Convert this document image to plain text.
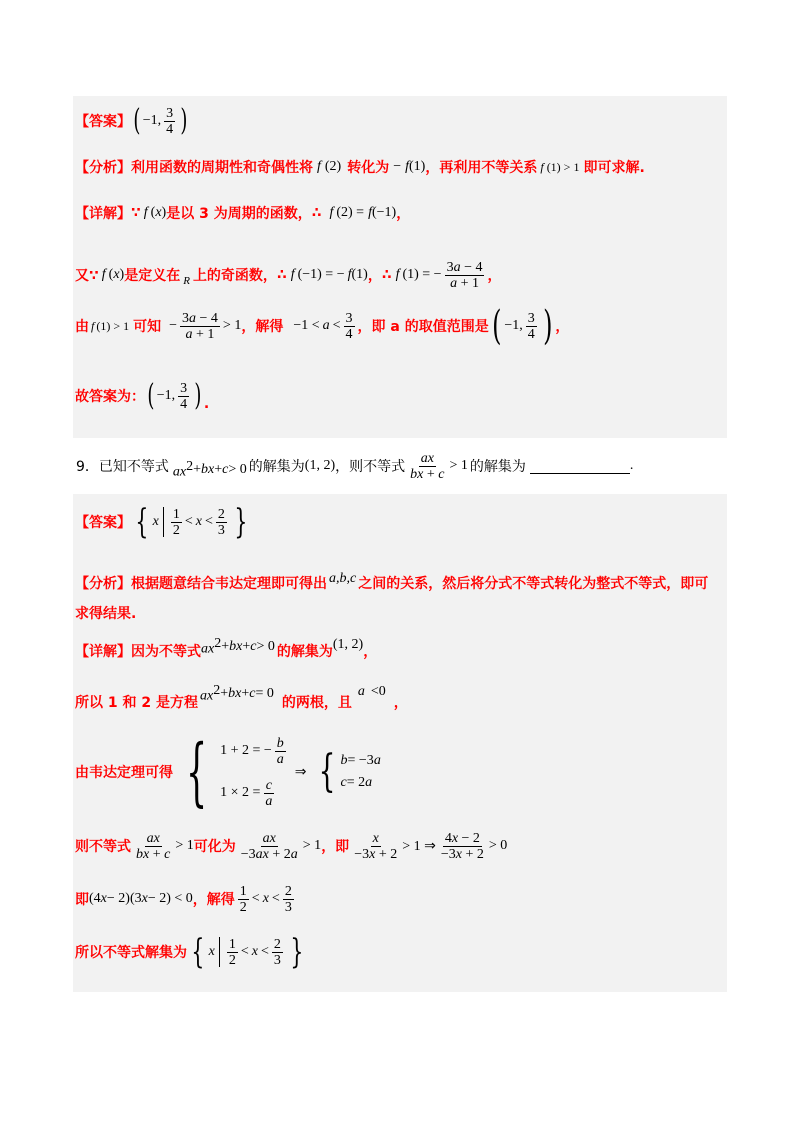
【答案】 ( −1, $\frac{3}{4}$ )
【分析】 利用函数的周期性和奇偶性将 f (2) 转化为 − f (1) ，再利用不等关系 f (1) > 1 即可求解.
【详解】 ∵ f ( x ) 是以 3 为周期的函数， ∴ f (2) = f (−1) ，
又∵ f ( x ) 是定义在 R 上的奇函数， ∴ f (−1) = − f (1) ， ∴ f (1) = − $\frac{3a - 4}{a + 1}$ ，
由 f (1) > 1 可知 − $\frac{3a - 4}{a + 1} > 1$ ，解得 $-1 < a < \frac{3}{4}$ ，即 a 的取值范围是 ( −1, $\frac{3}{4}$ ) ，
故答案为： ( −1, $\frac{3}{4}$ ) .
9． 已知不等式 $ax^2$ + bx + c > 0 的解集为 (1, 2) ，则不等式 $\frac{ax}{bx + c} > 1$ 的解集为	.
【答案】 { x $\frac{1}{2} < x < \frac{2}{3}$ }
【分析】 根据题意结合韦达定理即可得出 a,b,c 之间的关系，然后将分式不等式转化为整式不等式，即可
求得结果.
【详解】 因为不等式 $ax^2$ + bx + c > 0 的解集为 (1, 2) ，
所以 1 和 2 是方程 $ax^2$ + bx + c = 0
的两根，且
a <0
，
由韦达定理可得 { 1 + 2 = − $\frac{b}{a}$
$1 \times 2 = \frac{c}{a}$
⇒ { b = −3 a
c = 2 a
则不等式 $\frac{ax}{bx + c} > 1$ 可化为 $\frac{ax}{-3ax + 2a} > 1$ ，即 $\frac{x}{-3x + 2} > 1$ ⇒ $\frac{4x - 2}{-3x + 2} > 0$
即 (4 x − 2)(3 x − 2) < 0 ，解得 $\frac{1}{2} < x < \frac{2}{3}$
所以不等式解集为 { x $\frac{1}{2} < x < \frac{2}{3}$ }
